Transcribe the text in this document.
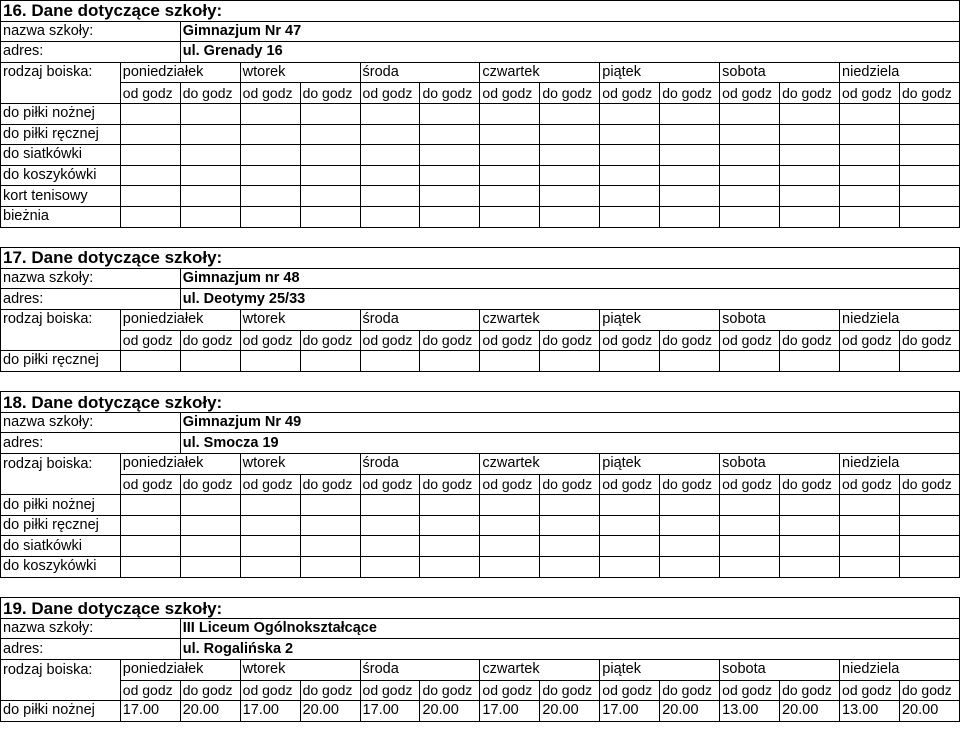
16. Dane dotyczące szkoły:														
nazwa szkoły:		Gimnazjum Nr 47												
adres:		ul. Grenady 16												
rodzaj boiska:	poniedziałek		wtorek		środa		czwartek		piątek		sobota		niedziela	
	od godz	do godz	od godz	do godz	od godz	do godz	od godz	do godz	od godz	do godz	od godz	do godz	od godz	do godz
do piłki nożnej														
do piłki ręcznej														
do siatkówki														
do koszykówki														
kort tenisowy														
bieżnia														

17. Dane dotyczące szkoły:														
nazwa szkoły:		Gimnazjum nr 48												
adres:		ul. Deotymy 25/33												
rodzaj boiska:	poniedziałek		wtorek		środa		czwartek		piątek		sobota		niedziela	
	od godz	do godz	od godz	do godz	od godz	do godz	od godz	do godz	od godz	do godz	od godz	do godz	od godz	do godz
do piłki ręcznej														

18. Dane dotyczące szkoły:														
nazwa szkoły:		Gimnazjum Nr 49												
adres:		ul. Smocza 19												
rodzaj boiska:	poniedziałek		wtorek		środa		czwartek		piątek		sobota		niedziela	
	od godz	do godz	od godz	do godz	od godz	do godz	od godz	do godz	od godz	do godz	od godz	do godz	od godz	do godz
do piłki nożnej														
do piłki ręcznej														
do siatkówki														
do koszykówki														

19. Dane dotyczące szkoły:														
nazwa szkoły:		III Liceum Ogólnokształcące												
adres:		ul. Rogalińska 2												
rodzaj boiska:	poniedziałek		wtorek		środa		czwartek		piątek		sobota		niedziela	
	od godz	do godz	od godz	do godz	od godz	do godz	od godz	do godz	od godz	do godz	od godz	do godz	od godz	do godz
do piłki nożnej	17.00	20.00	17.00	20.00	17.00	20.00	17.00	20.00	17.00	20.00	13.00	20.00	13.00	20.00
